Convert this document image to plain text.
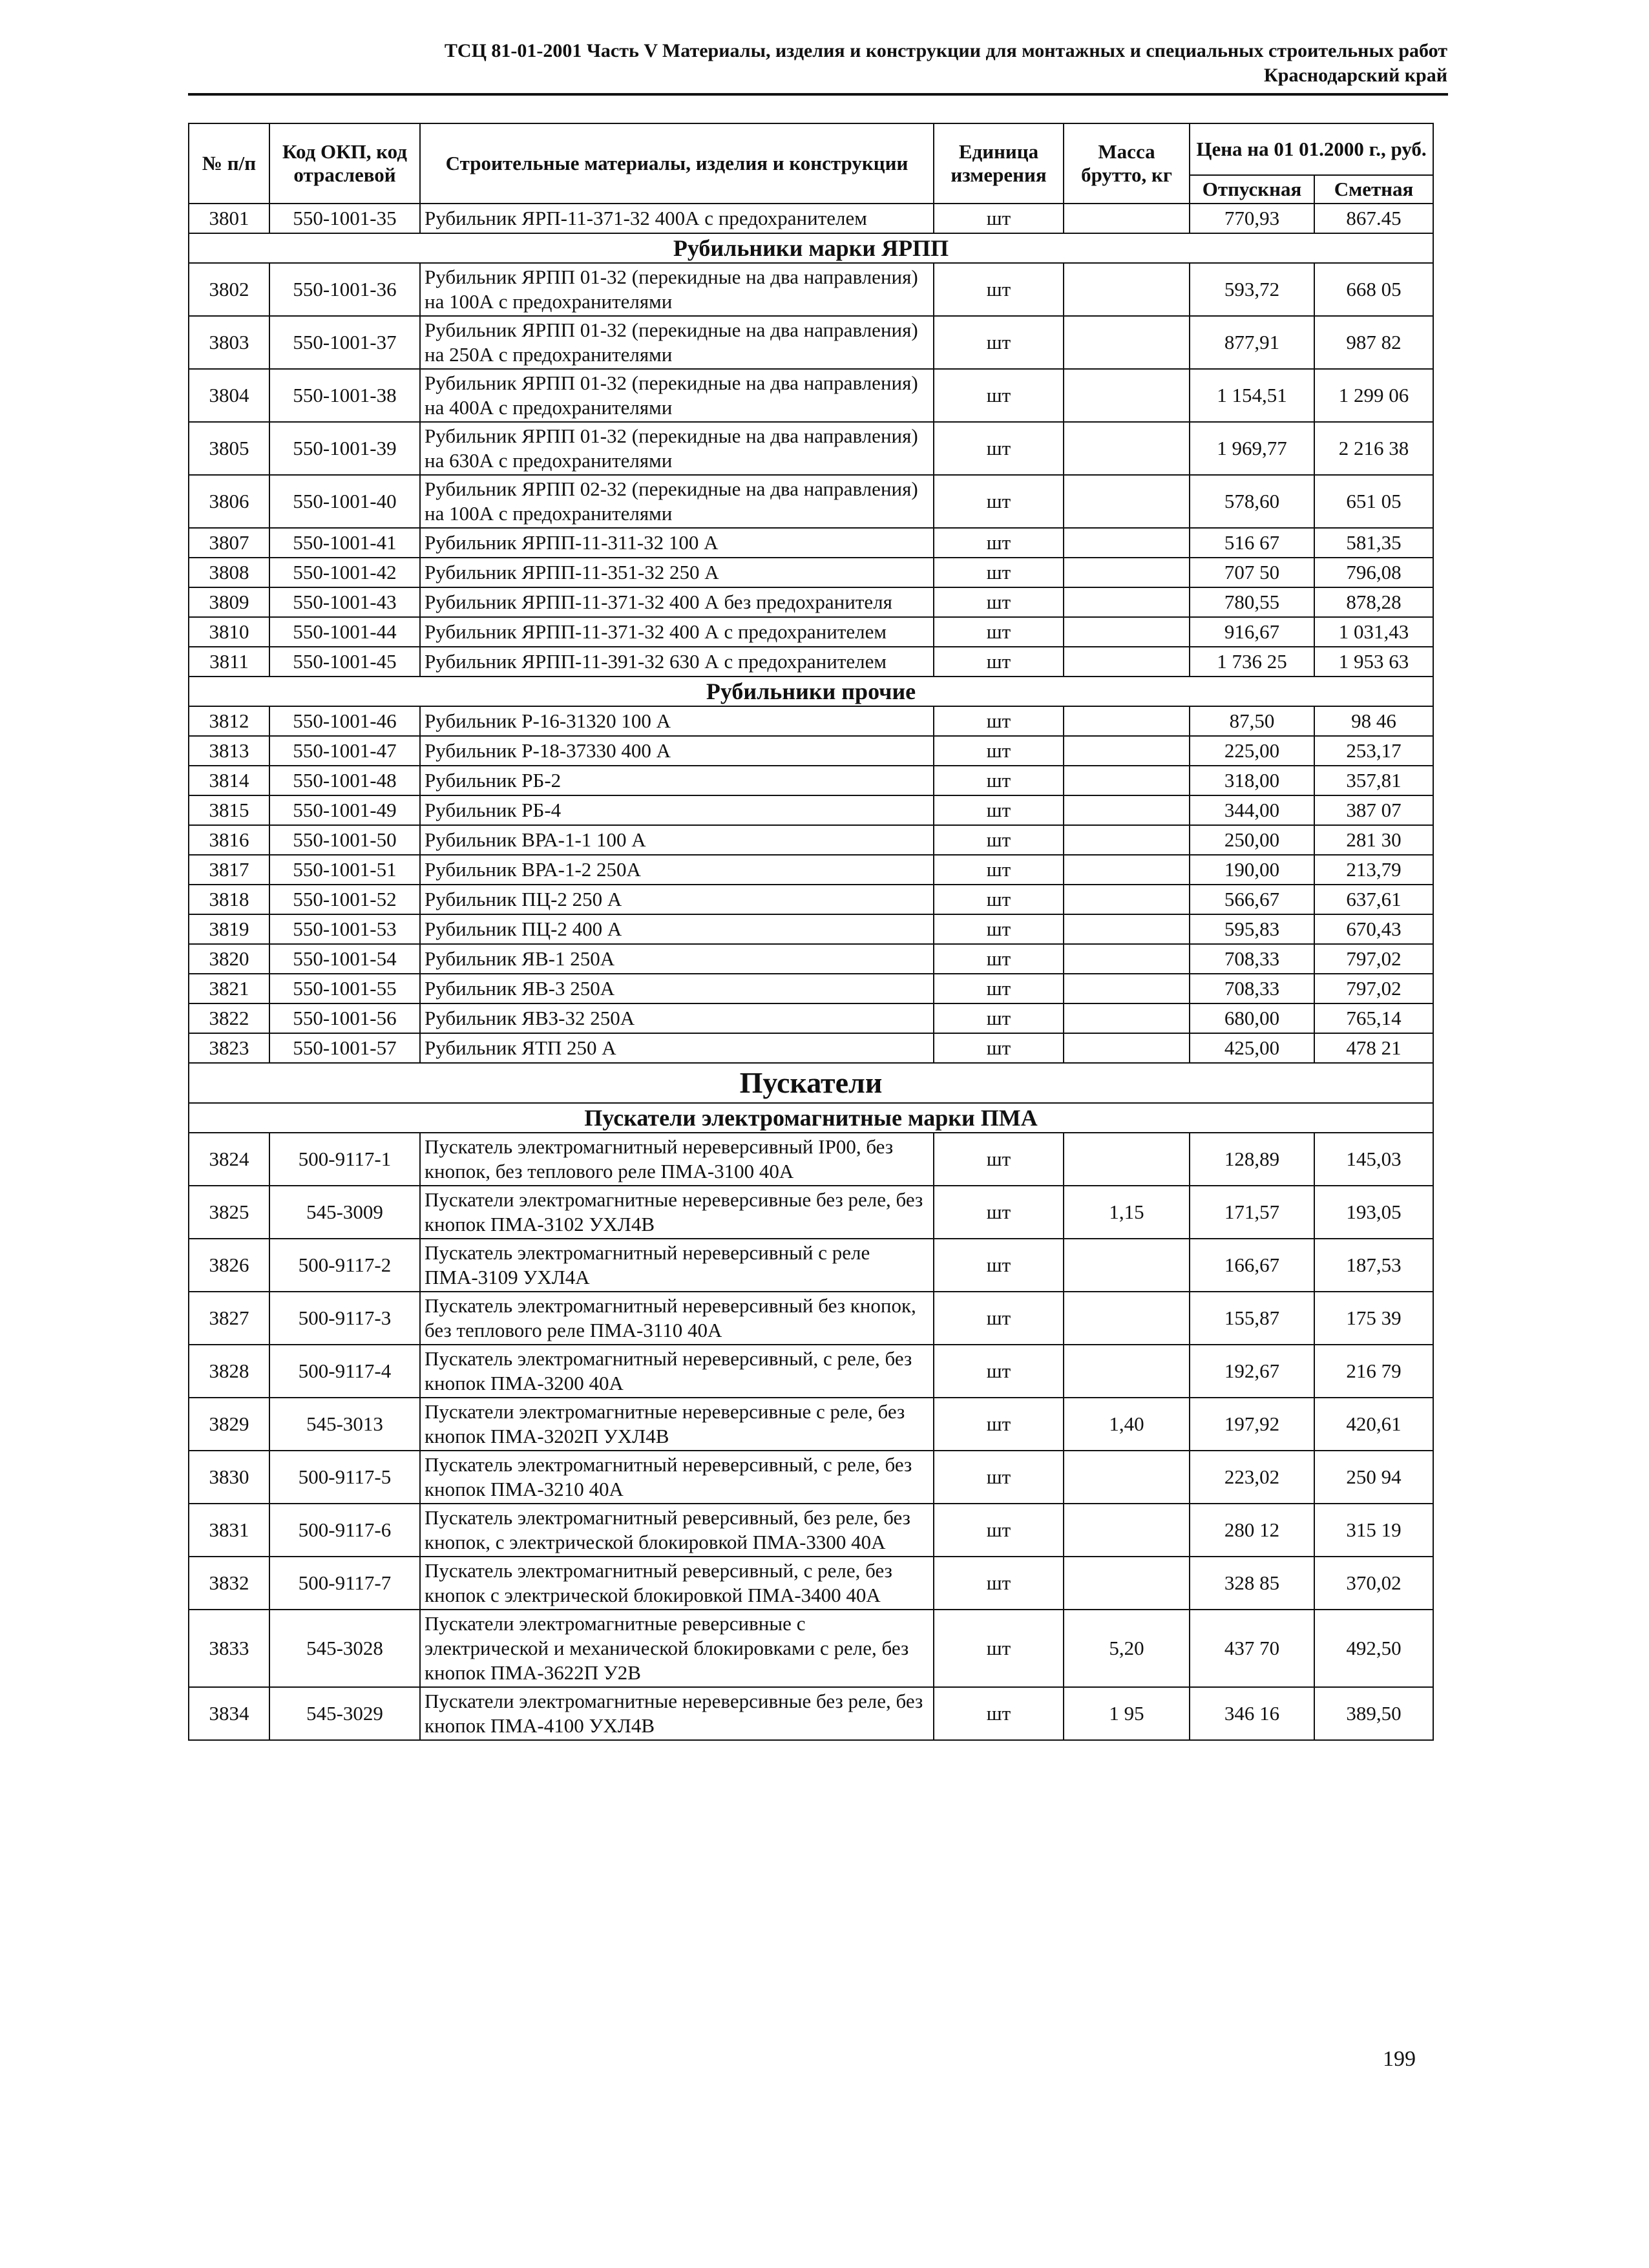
ТСЦ 81-01-2001 Часть V Материалы, изделия и конструкции для монтажных и специальных строительных работ
Краснодарский край
№ п/п	Код ОКП, код отраслевой	Строительные материалы, изделия и конструкции	Единица измерения	Масса брутто, кг	Цена на 01 01.2000 г., руб.	
					Отпускная	Сметная
3801	550-1001-35	Рубильник ЯРП-11-371-32 400А с предохранителем	шт		770,93	867.45
Рубильники марки ЯРПП						
3802	550-1001-36	Рубильник ЯРПП 01-32 (перекидные на два направления) на 100А с предохранителями	шт		593,72	668 05
3803	550-1001-37	Рубильник ЯРПП 01-32 (перекидные на два направления) на 250А с предохранителями	шт		877,91	987 82
3804	550-1001-38	Рубильник ЯРПП 01-32 (перекидные на два направления) на 400А с предохранителями	шт		1 154,51	1 299 06
3805	550-1001-39	Рубильник ЯРПП 01-32 (перекидные на два направления) на 630А с предохранителями	шт		1 969,77	2 216 38
3806	550-1001-40	Рубильник ЯРПП 02-32 (перекидные на два направления) на 100А с предохранителями	шт		578,60	651 05
3807	550-1001-41	Рубильник ЯРПП-11-311-32 100 А	шт		516 67	581,35
3808	550-1001-42	Рубильник ЯРПП-11-351-32 250 А	шт		707 50	796,08
3809	550-1001-43	Рубильник ЯРПП-11-371-32 400 А без предохранителя	шт		780,55	878,28
3810	550-1001-44	Рубильник ЯРПП-11-371-32 400 А с предохранителем	шт		916,67	1 031,43
3811	550-1001-45	Рубильник ЯРПП-11-391-32 630 А с предохранителем	шт		1 736 25	1 953 63
Рубильники прочие						
3812	550-1001-46	Рубильник Р-16-31320 100 А	шт		87,50	98 46
3813	550-1001-47	Рубильник Р-18-37330 400 А	шт		225,00	253,17
3814	550-1001-48	Рубильник РБ-2	шт		318,00	357,81
3815	550-1001-49	Рубильник РБ-4	шт		344,00	387 07
3816	550-1001-50	Рубильник ВРА-1-1 100 А	шт		250,00	281 30
3817	550-1001-51	Рубильник ВРА-1-2 250А	шт		190,00	213,79
3818	550-1001-52	Рубильник ПЦ-2 250 А	шт		566,67	637,61
3819	550-1001-53	Рубильник ПЦ-2 400 А	шт		595,83	670,43
3820	550-1001-54	Рубильник ЯВ-1 250А	шт		708,33	797,02
3821	550-1001-55	Рубильник ЯВ-3 250А	шт		708,33	797,02
3822	550-1001-56	Рубильник ЯВЗ-32 250А	шт		680,00	765,14
3823	550-1001-57	Рубильник ЯТП 250 А	шт		425,00	478 21
Пускатели						
Пускатели электромагнитные марки ПМА						
3824	500-9117-1	Пускатель электромагнитный нереверсивный IP00, без кнопок, без теплового реле ПМА-3100 40А	шт		128,89	145,03
3825	545-3009	Пускатели электромагнитные нереверсивные без реле, без кнопок ПМА-3102 УХЛ4В	шт	1,15	171,57	193,05
3826	500-9117-2	Пускатель электромагнитный нереверсивный с реле ПМА-3109 УХЛ4А	шт		166,67	187,53
3827	500-9117-3	Пускатель электромагнитный нереверсивный без кнопок, без теплового реле ПМА-3110 40А	шт		155,87	175 39
3828	500-9117-4	Пускатель электромагнитный нереверсивный, с реле, без кнопок ПМА-3200 40А	шт		192,67	216 79
3829	545-3013	Пускатели электромагнитные нереверсивные с реле, без кнопок ПМА-3202П УХЛ4В	шт	1,40	197,92	420,61
3830	500-9117-5	Пускатель электромагнитный нереверсивный, с реле, без кнопок ПМА-3210 40А	шт		223,02	250 94
3831	500-9117-6	Пускатель электромагнитный реверсивный, без реле, без кнопок, с электрической блокировкой ПМА-3300 40А	шт		280 12	315 19
3832	500-9117-7	Пускатель электромагнитный реверсивный, с реле, без кнопок с электрической блокировкой ПМА-3400 40А	шт		328 85	370,02
3833	545-3028	Пускатели электромагнитные реверсивные с электрической и механической блокировками с реле, без кнопок ПМА-3622П У2В	шт	5,20	437 70	492,50
3834	545-3029	Пускатели электромагнитные нереверсивные без реле, без кнопок ПМА-4100 УХЛ4В	шт	1 95	346 16	389,50
199
